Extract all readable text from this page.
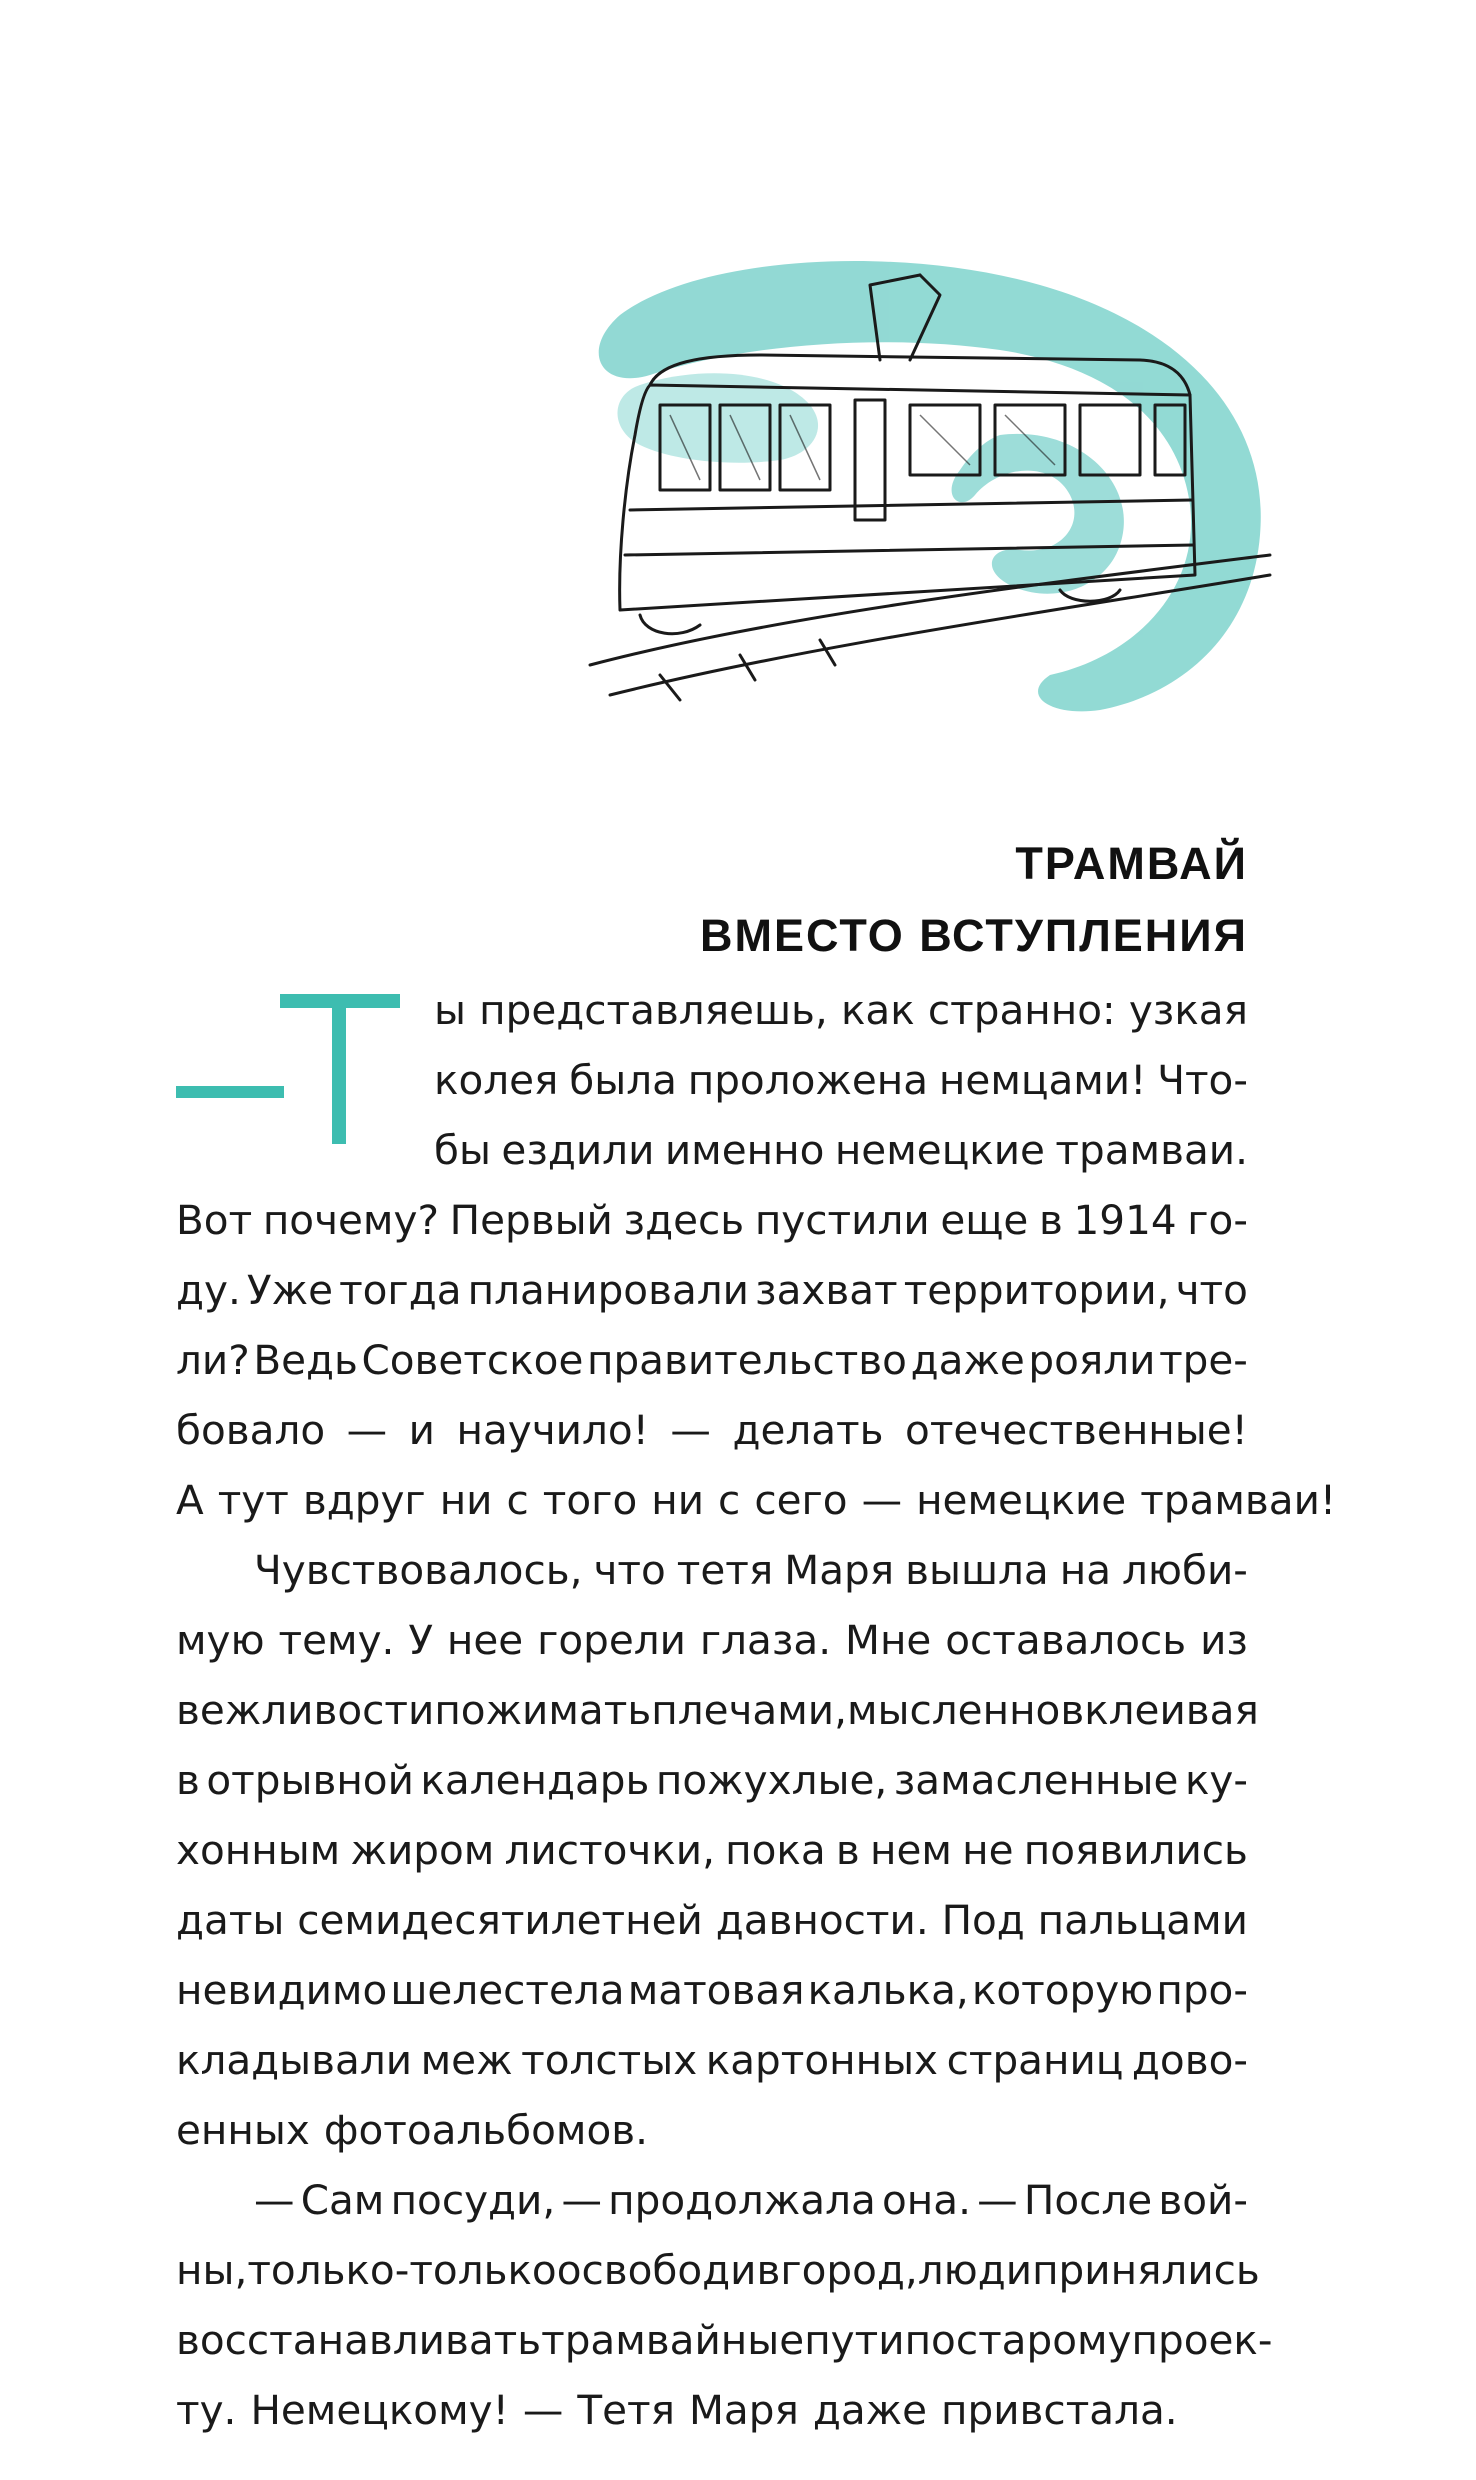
ТРАМВАЙ
ВМЕСТО ВСТУПЛЕНИЯ
ы представляешь, как странно: узкая
колея была проложена немцами! Что-
бы ездили именно немецкие трамваи.
Вот почему? Первый здесь пустили еще в 1914 го-
ду. Уже тогда планировали захват территории, что
ли? Ведь Советское правительство даже рояли тре-
бовало — и научило! — делать отечественные!
А тут вдруг ни с того ни с сего — немецкие трамваи!
Чувствовалось, что тетя Маря вышла на люби-
мую тему. У нее горели глаза. Мне оставалось из
вежливости пожимать плечами, мысленно вклеивая
в отрывной календарь пожухлые, замасленные ку-
хонным жиром листочки, пока в нем не появились
даты семидесятилетней давности. Под пальцами
невидимо шелестела матовая калька, которую про-
кладывали меж толстых картонных страниц дово-
енных фотоальбомов.
— Сам посуди, — продолжала она. — После вой-
ны, только-только освободив город, люди принялись
восстанавливать трамвайные пути по старому проек-
ту. Немецкому! — Тетя Маря даже привстала.
